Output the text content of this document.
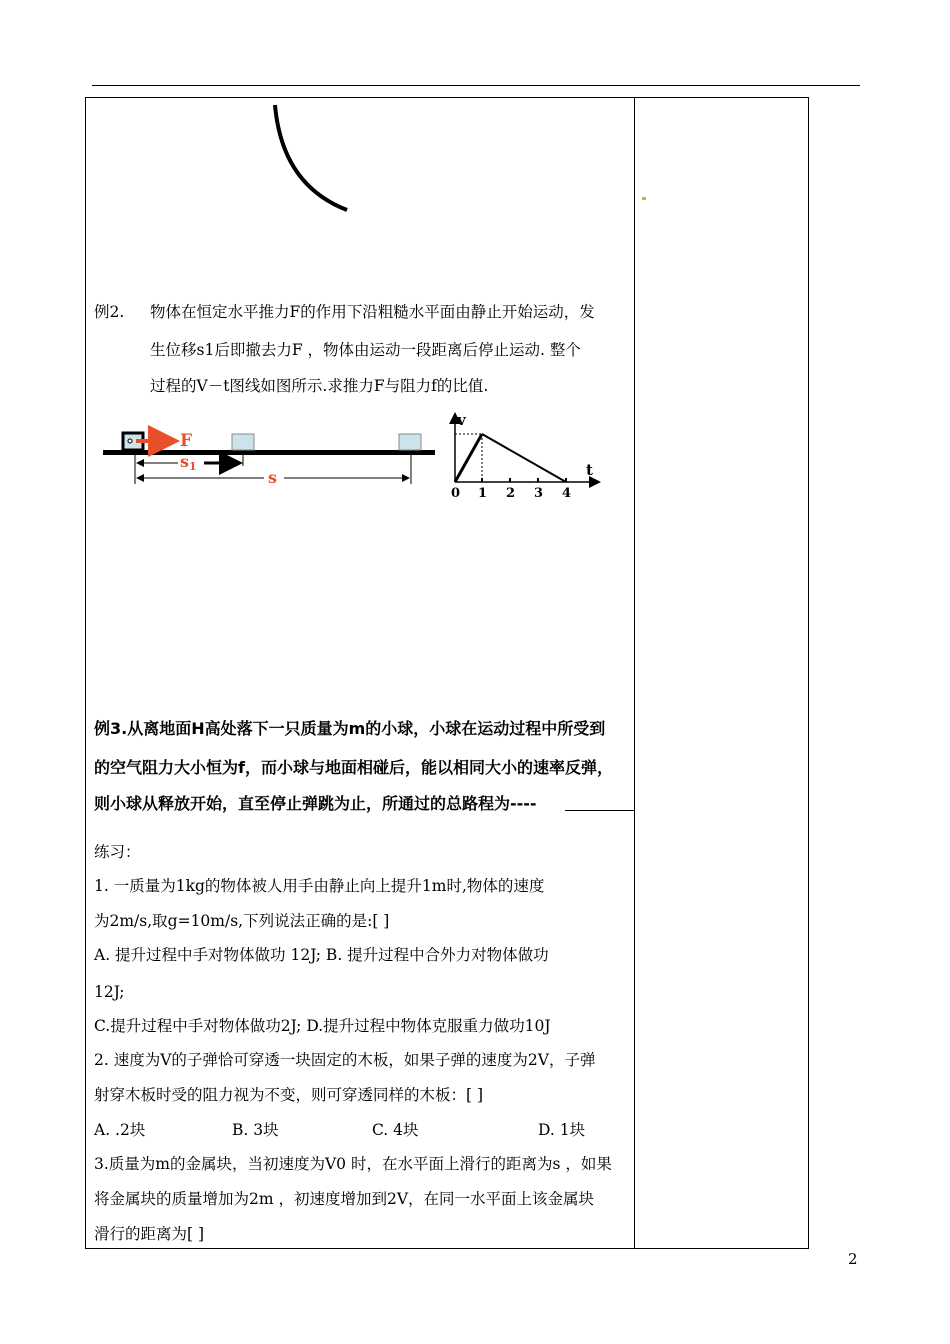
例2. 物体在恒定水平推力F的作用下沿粗糙水平面由静止开始运动，发
生位移s1后即撤去力F ，物体由运动一段距离后停止运动. 整个
过程的V－t图线如图所示.求推力F与阻力f的比值.
F
s1
s
v
t
0 1 2 3 4
例3.从离地面H高处落下一只质量为m的小球，小球在运动过程中所受到
的空气阻力大小恒为f，而小球与地面相碰后，能以相同大小的速率反弹，
则小球从释放开始，直至停止弹跳为止，所通过的总路程为----
练习：
1. 一质量为1kg的物体被人用手由静止向上提升1m时,物体的速度
为2m/s,取g=10m/s,下列说法正确的是:[ ]
A. 提升过程中手对物体做功 12J; B. 提升过程中合外力对物体做功
12J;
C.提升过程中手对物体做功2J; D.提升过程中物体克服重力做功10J
2. 速度为V的子弹恰可穿透一块固定的木板，如果子弹的速度为2V，子弹
射穿木板时受的阻力视为不变，则可穿透同样的木板：[ ]
A. .2块	B. 3块	C. 4块	D. 1块
3.质量为m的金属块，当初速度为V0 时，在水平面上滑行的距离为s ，如果
将金属块的质量增加为2m ，初速度增加到2V，在同一水平面上该金属块
滑行的距离为[ ]
2
